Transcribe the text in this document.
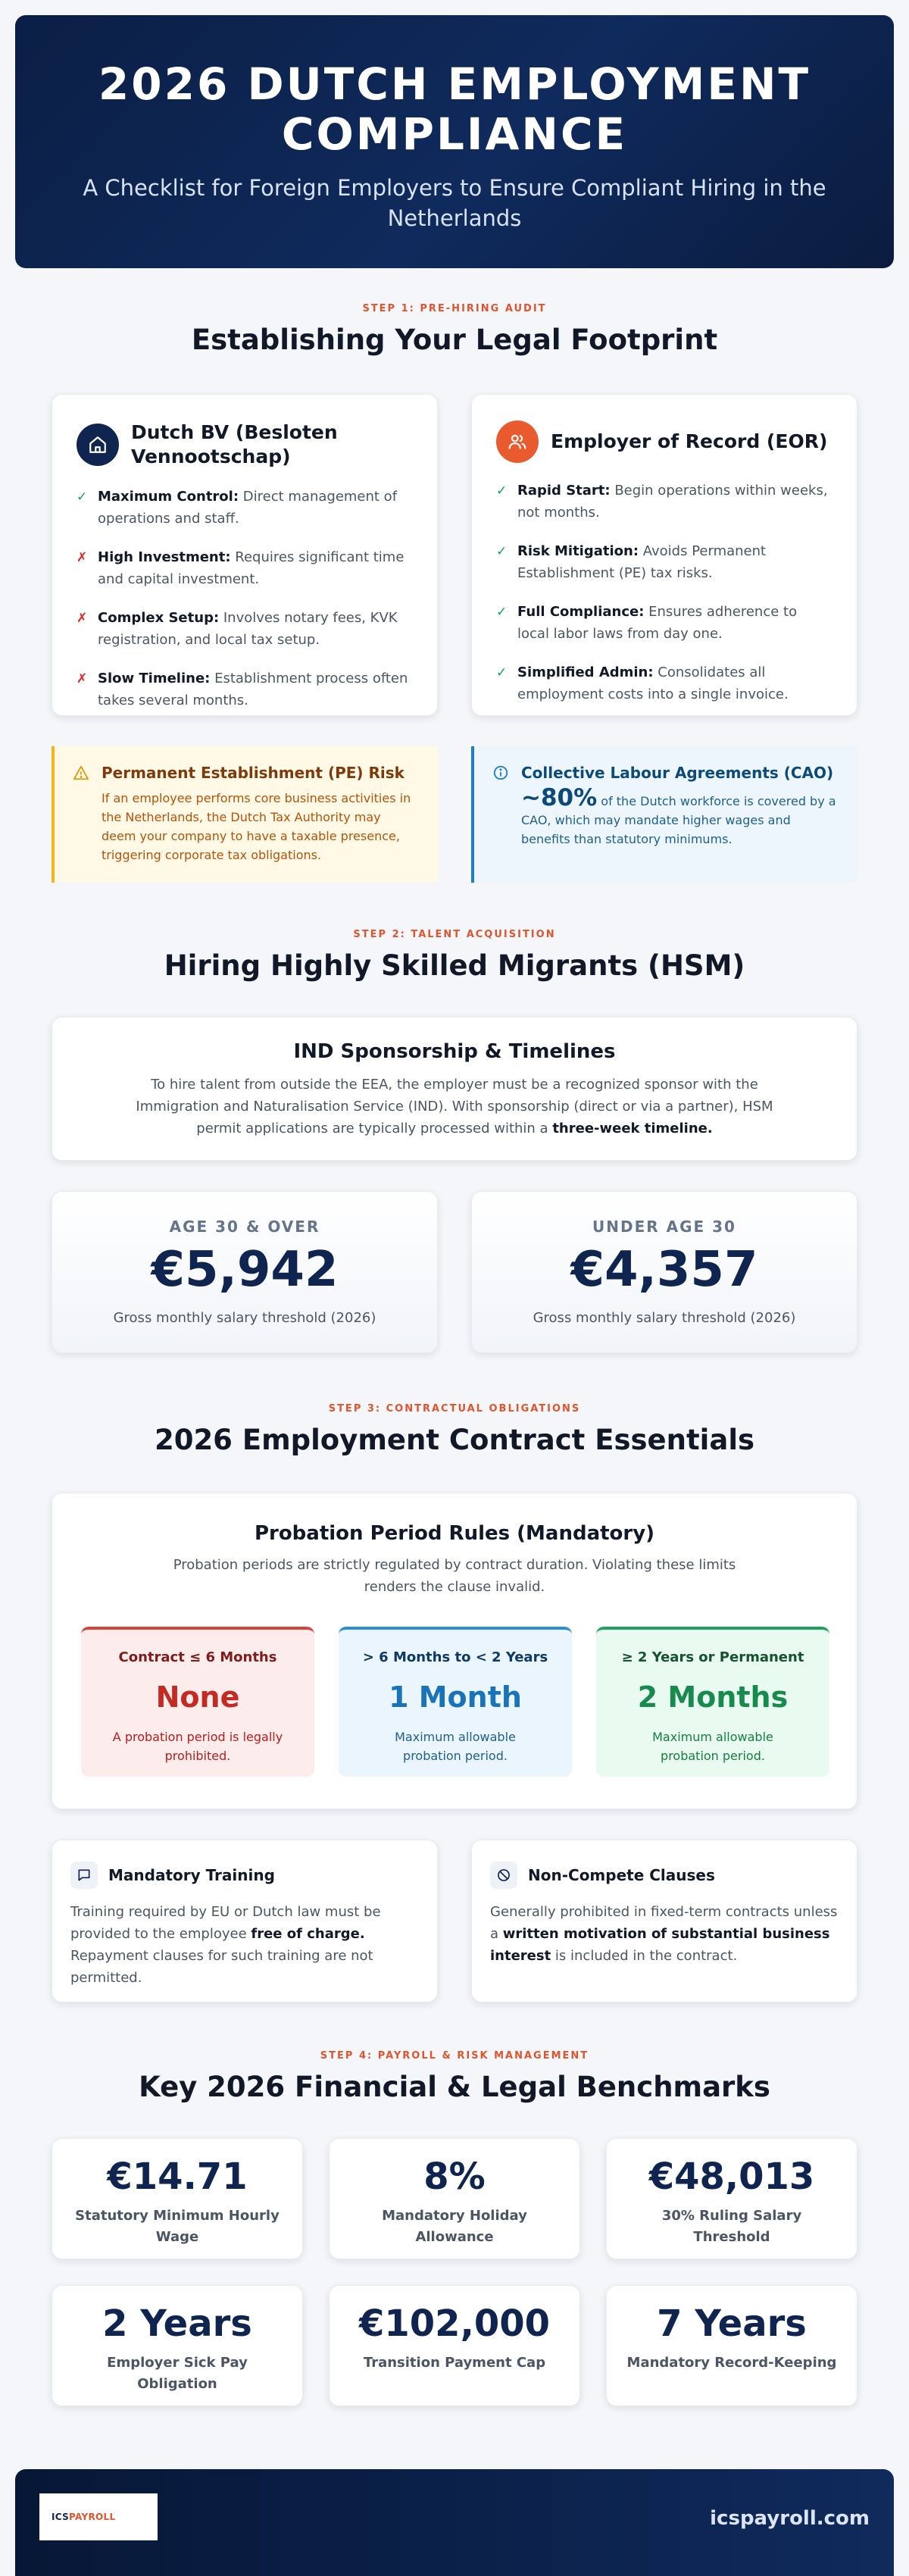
2026 DUTCH EMPLOYMENT COMPLIANCE

A Checklist for Foreign Employers to Ensure Compliant Hiring in the Netherlands

STEP 1: PRE-HIRING AUDIT
Establishing Your Legal Footprint
Dutch BV (Besloten Vennootschap)
✓ Maximum Control: Direct management of operations and staff.
✗ High Investment: Requires significant time and capital investment.
✗ Complex Setup: Involves notary fees, KVK registration, and local tax setup.
✗ Slow Timeline: Establishment process often takes several months.
Employer of Record (EOR)
✓ Rapid Start: Begin operations within weeks, not months.
✓ Risk Mitigation: Avoids Permanent Establishment (PE) tax risks.
✓ Full Compliance: Ensures adherence to local labor laws from day one.
✓ Simplified Admin: Consolidates all employment costs into a single invoice.
Permanent Establishment (PE) Risk
If an employee performs core business activities in the Netherlands, the Dutch Tax Authority may deem your company to have a taxable presence, triggering corporate tax obligations.
Collective Labour Agreements (CAO)
~80% of the Dutch workforce is covered by a CAO, which may mandate higher wages and benefits than statutory minimums.
STEP 2: TALENT ACQUISITION
Hiring Highly Skilled Migrants (HSM)
IND Sponsorship & Timelines

To hire talent from outside the EEA, the employer must be a recognized sponsor with the Immigration and Naturalisation Service (IND). With sponsorship (direct or via a partner), HSM permit applications are typically processed within a three-week timeline.

AGE 30 & OVER
€5,942
Gross monthly salary threshold (2026)
UNDER AGE 30
€4,357
Gross monthly salary threshold (2026)
STEP 3: CONTRACTUAL OBLIGATIONS
2026 Employment Contract Essentials
Probation Period Rules (Mandatory)

Probation periods are strictly regulated by contract duration. Violating these limits renders the clause invalid.

Contract ≤ 6 Months
None
A probation period is legally prohibited.
> 6 Months to < 2 Years
1 Month
Maximum allowable probation period.
≥ 2 Years or Permanent
2 Months
Maximum allowable probation period.
Mandatory Training

Training required by EU or Dutch law must be provided to the employee free of charge. Repayment clauses for such training are not permitted.

Non-Compete Clauses

Generally prohibited in fixed-term contracts unless a written motivation of substantial business interest is included in the contract.

STEP 4: PAYROLL & RISK MANAGEMENT
Key 2026 Financial & Legal Benchmarks
€14.71
Statutory Minimum Hourly Wage
8%
Mandatory Holiday Allowance
€48,013
30% Ruling Salary Threshold
2 Years
Employer Sick Pay Obligation
€102,000
Transition Payment Cap
7 Years
Mandatory Record-Keeping
ICSPAYROLL	icspayroll.com
